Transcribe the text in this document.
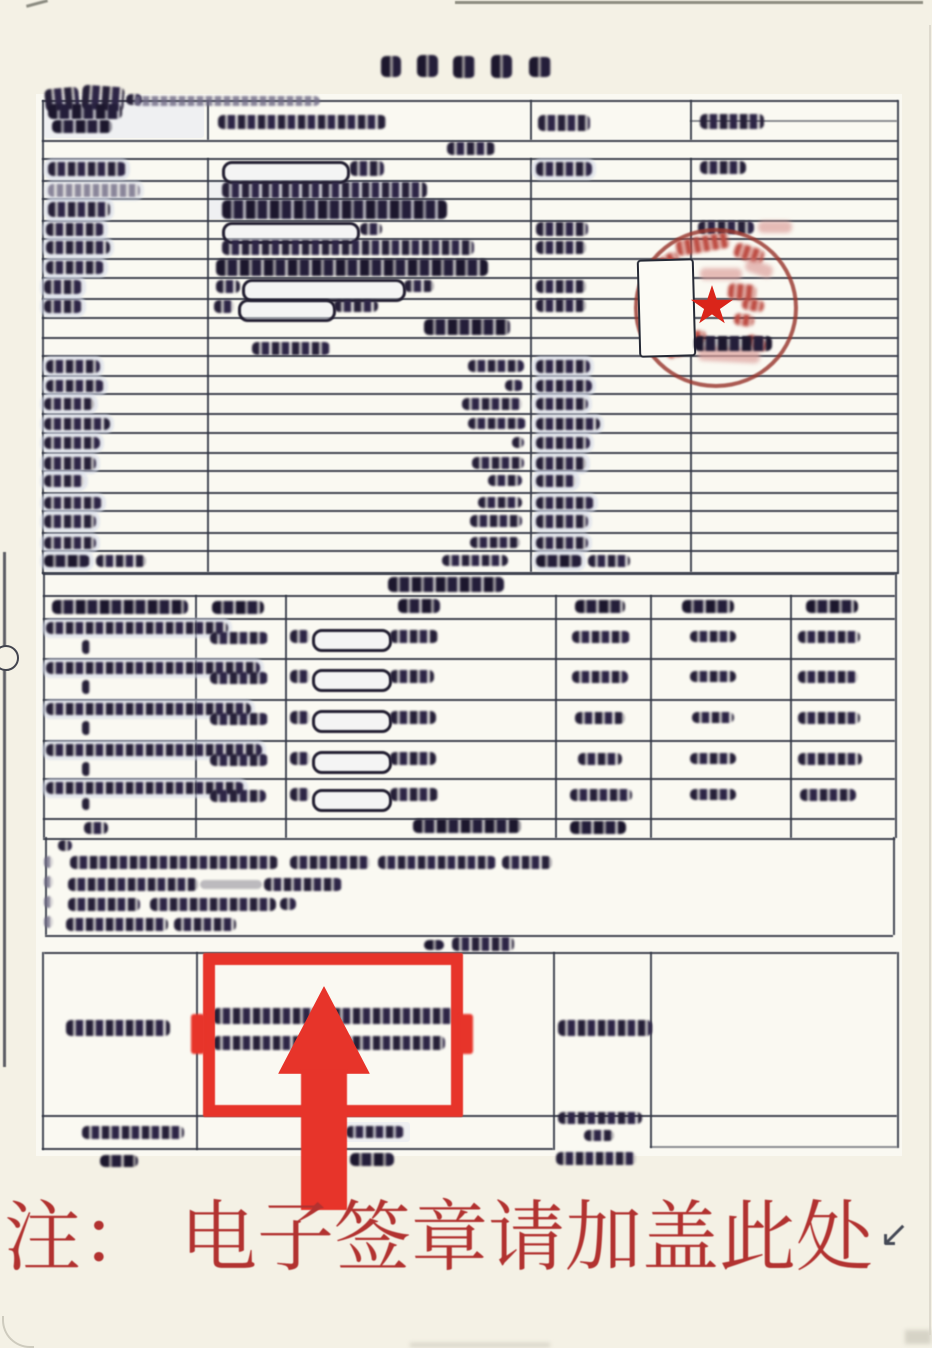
注： 电子签章请加盖此处 ↙
